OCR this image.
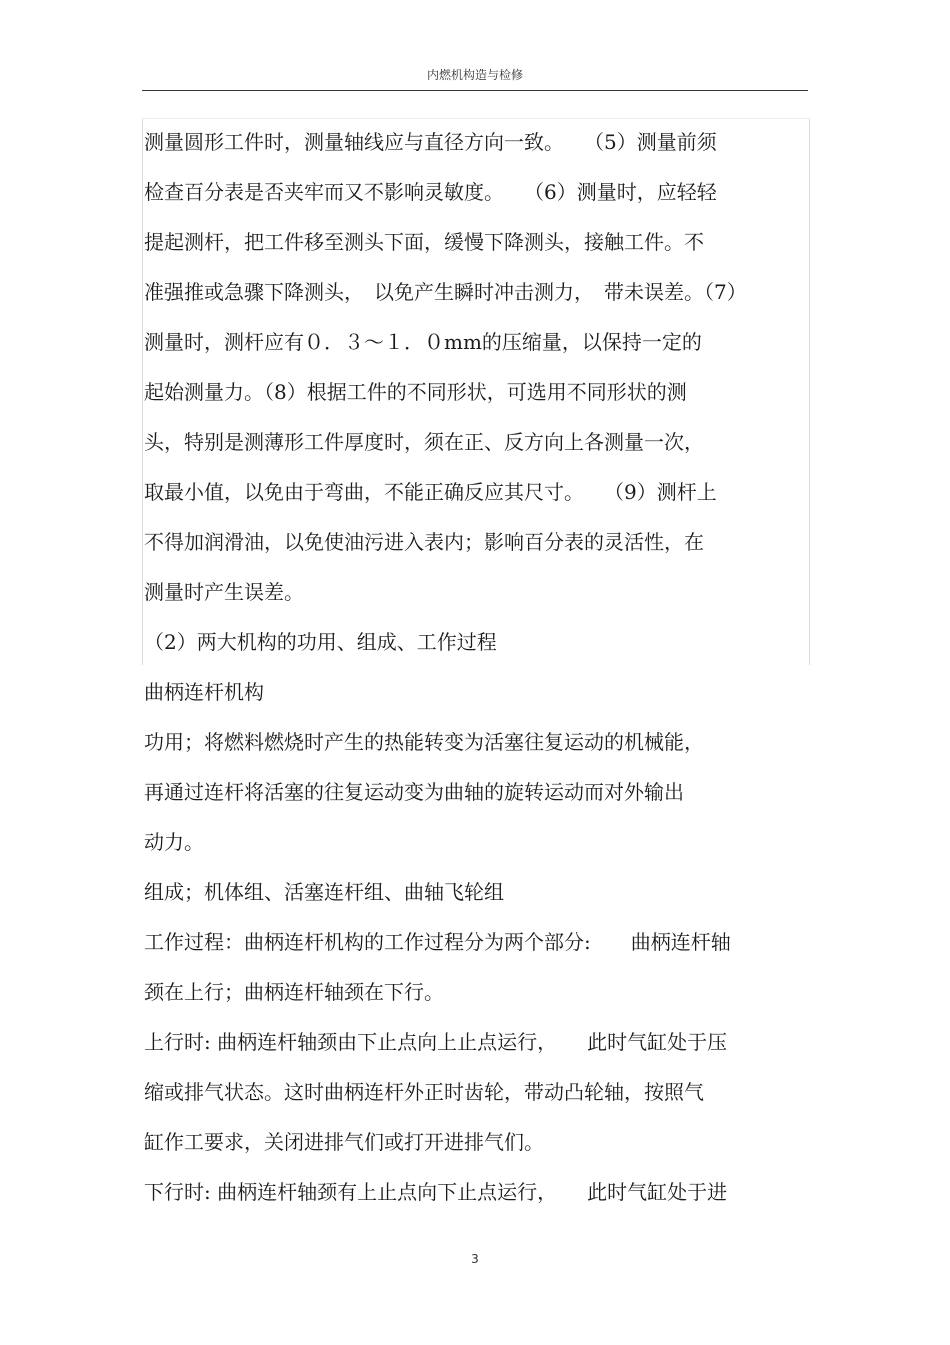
内燃机构造与检修
测量圆形工件时，测量轴线应与直径方向一致。　　（5）测量前须
检查百分表是否夹牢而又不影响灵敏度。　　（6）测量时，应轻轻
提起测杆，把工件移至测头下面，缓慢下降测头，接触工件。不
准强推或急骤下降测头，　以免产生瞬时冲击测力，　带未误差。（7）
测量时，测杆应有０．３～１．０mm的压缩量，以保持一定的
起始测量力。（8）根据工件的不同形状，可选用不同形状的测
头，特别是测薄形工件厚度时，须在正、反方向上各测量一次，
取最小值，以免由于弯曲，不能正确反应其尺寸。　　（9）测杆上
不得加润滑油，以免使油污进入表内；影响百分表的灵活性，在
测量时产生误差。
（2）两大机构的功用、组成、工作过程
曲柄连杆机构
功用；将燃料燃烧时产生的热能转变为活塞往复运动的机械能，
再通过连杆将活塞的往复运动变为曲轴的旋转运动而对外输出
动力。
组成；机体组、活塞连杆组、曲轴飞轮组
工作过程：曲柄连杆机构的工作过程分为两个部分:　　曲柄连杆轴
颈在上行；曲柄连杆轴颈在下行。
上行时: 曲柄连杆轴颈由下止点向上止点运行，　　此时气缸处于压
缩或排气状态。这时曲柄连杆外正时齿轮，带动凸轮轴，按照气
缸作工要求，关闭进排气们或打开进排气们。
下行时: 曲柄连杆轴颈有上止点向下止点运行，　　此时气缸处于进
3
